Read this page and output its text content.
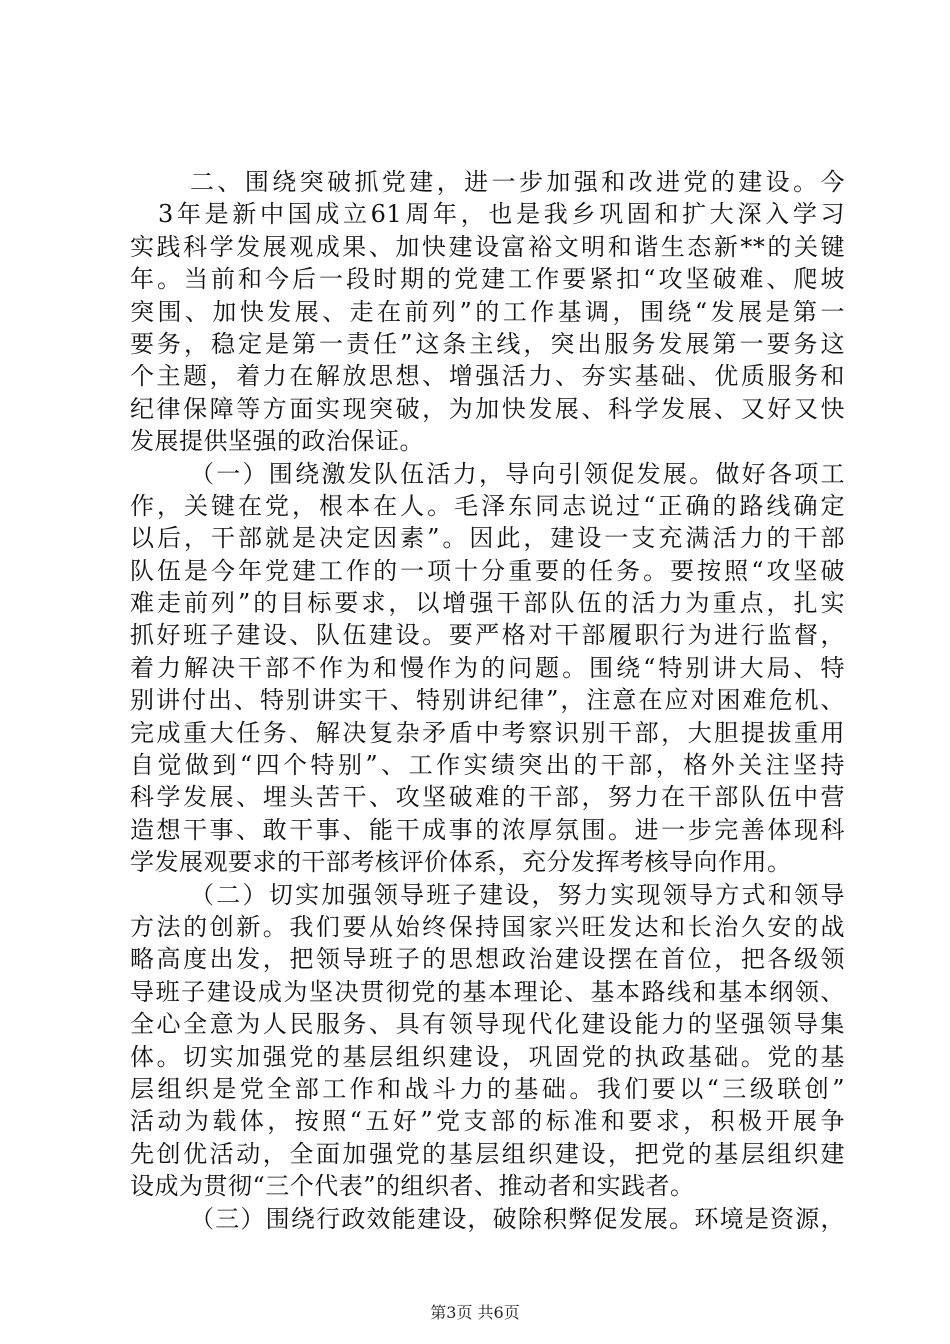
二、围绕突破抓党建，进一步加强和改进党的建设。今
3年是新中国成立61周年，也是我乡巩固和扩大深入学习
实践科学发展观成果、加快建设富裕文明和谐生态新**的关键
年。当前和今后一段时期的党建工作要紧扣“攻坚破难、爬坡
突围、加快发展、走在前列”的工作基调，围绕“发展是第一
要务，稳定是第一责任”这条主线，突出服务发展第一要务这
个主题，着力在解放思想、增强活力、夯实基础、优质服务和
纪律保障等方面实现突破，为加快发展、科学发展、又好又快
发展提供坚强的政治保证。
（一）围绕激发队伍活力，导向引领促发展。做好各项工
作，关键在党，根本在人。毛泽东同志说过“正确的路线确定
以后，干部就是决定因素”。因此，建设一支充满活力的干部
队伍是今年党建工作的一项十分重要的任务。要按照“攻坚破
难走前列”的目标要求，以增强干部队伍的活力为重点，扎实
抓好班子建设、队伍建设。要严格对干部履职行为进行监督，
着力解决干部不作为和慢作为的问题。围绕“特别讲大局、特
别讲付出、特别讲实干、特别讲纪律”，注意在应对困难危机、
完成重大任务、解决复杂矛盾中考察识别干部，大胆提拔重用
自觉做到“四个特别”、工作实绩突出的干部，格外关注坚持
科学发展、埋头苦干、攻坚破难的干部，努力在干部队伍中营
造想干事、敢干事、能干成事的浓厚氛围。进一步完善体现科
学发展观要求的干部考核评价体系，充分发挥考核导向作用。
（二）切实加强领导班子建设，努力实现领导方式和领导
方法的创新。我们要从始终保持国家兴旺发达和长治久安的战
略高度出发，把领导班子的思想政治建设摆在首位，把各级领
导班子建设成为坚决贯彻党的基本理论、基本路线和基本纲领、
全心全意为人民服务、具有领导现代化建设能力的坚强领导集
体。切实加强党的基层组织建设，巩固党的执政基础。党的基
层组织是党全部工作和战斗力的基础。我们要以“三级联创”
活动为载体，按照“五好”党支部的标准和要求，积极开展争
先创优活动，全面加强党的基层组织建设，把党的基层组织建
设成为贯彻“三个代表”的组织者、推动者和实践者。
（三）围绕行政效能建设，破除积弊促发展。环境是资源，
第3页 共6页
